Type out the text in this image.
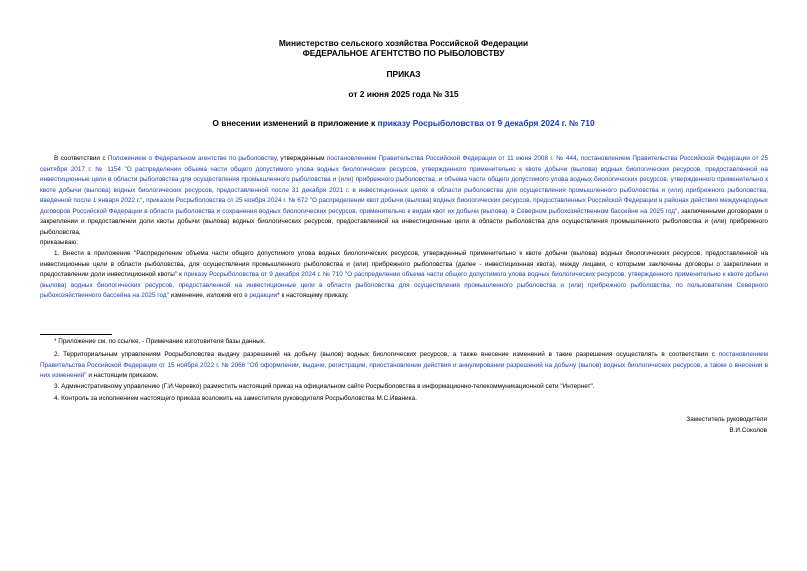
Министерство сельского хозяйства Российской Федерации
ФЕДЕРАЛЬНОЕ АГЕНТСТВО ПО РЫБОЛОВСТВУ
ПРИКАЗ
от 2 июня 2025 года № 315
О внесении изменений в приложение к приказу Росрыболовства от 9 декабря 2024 г. № 710
В соответствии с Положением о Федеральном агентстве по рыболовству, утвержденным постановлением Правительства Российской Федерации от 11 июня 2008 г. № 444, постановлением Правительства Российской Федерации от 25 сентября 2017 г. № 1154 "О распределении объема части общего допустимого улова водных биологических ресурсов, утвержденного применительно к квоте добычи (вылова) водных биологических ресурсов, предоставленной на инвестиционные цели в области рыболовства для осуществления промышленного рыболовства и (или) прибрежного рыболовства, и объема части общего допустимого улова водных биологических ресурсов, утвержденного применительно к квоте добычи (вылова) водных биологических ресурсов, предоставленной после 31 декабря 2021 г. в инвестиционных целях в области рыболовства для осуществления промышленного рыболовства и (или) прибрежного рыболовства, введенной после 1 января 2022 г.", приказом Росрыболовства от 25 ноября 2024 г. № 672 "О распределении квот добычи (вылова) водных биологических ресурсов, предоставленных Российской Федерации в районах действия международных договоров Российской Федерации в области рыболовства и сохранения водных биологических ресурсов, применительно к видам квот их добычи (вылова), в Северном рыбохозяйственном бассейне на 2025 год", заключенными договорами о закреплении и предоставлении доли квоты добычи (вылова) водных биологических ресурсов, предоставленной на инвестиционные цели в области рыболовства для осуществления промышленного рыболовства и (или) прибрежного рыболовства,
приказываю:
1. Внести в приложение "Распределение объема части общего допустимого улова водных биологических ресурсов, утвержденный применительно к квоте добычи (вылова) водных биологических ресурсов, предоставленной на инвестиционные цели в области рыболовства, для осуществления промышленного рыболовства и (или) прибрежного рыболовства (далее - инвестиционная квота), между лицами, с которыми заключены договоры о закреплении и предоставлении доли инвестиционной квоты" к приказу Росрыболовства от 9 декабря 2024 г. № 710 "О распределении объема части общего допустимого улова водных биологических ресурсов, утвержденного применительно к квоте добычи (вылова) водных биологических ресурсов, предоставленной на инвестиционные цели в области рыболовства для осуществления промышленного рыболовства и (или) прибрежного рыболовства, по пользователям Северного рыбохозяйственного бассейна на 2025 год" изменение, изложив его в редакции* к настоящему приказу.
* Приложение см. по ссылке. - Примечание изготовителя базы данных.
2. Территориальным управлениям Росрыболовства выдачу разрешений на добычу (вылов) водных биологических ресурсов, а также внесение изменений в такие разрешения осуществлять в соответствии с постановлением Правительства Российской Федерации от 15 ноября 2022 г. № 2066 "Об оформлении, выдаче, регистрации, приостановлении действия и аннулировании разрешений на добычу (вылов) водных биологических ресурсов, а также о внесении в них изменений" и настоящим приказом.
3. Административному управлению (Г.И.Черевко) разместить настоящий приказ на официальном сайте Росрыболовства в информационно-телекоммуникационной сети "Интернет".
4. Контроль за исполнением настоящего приказа возложить на заместителя руководителя Росрыболовства М.С.Иваника.
Заместитель руководителя
В.И.Соколов
